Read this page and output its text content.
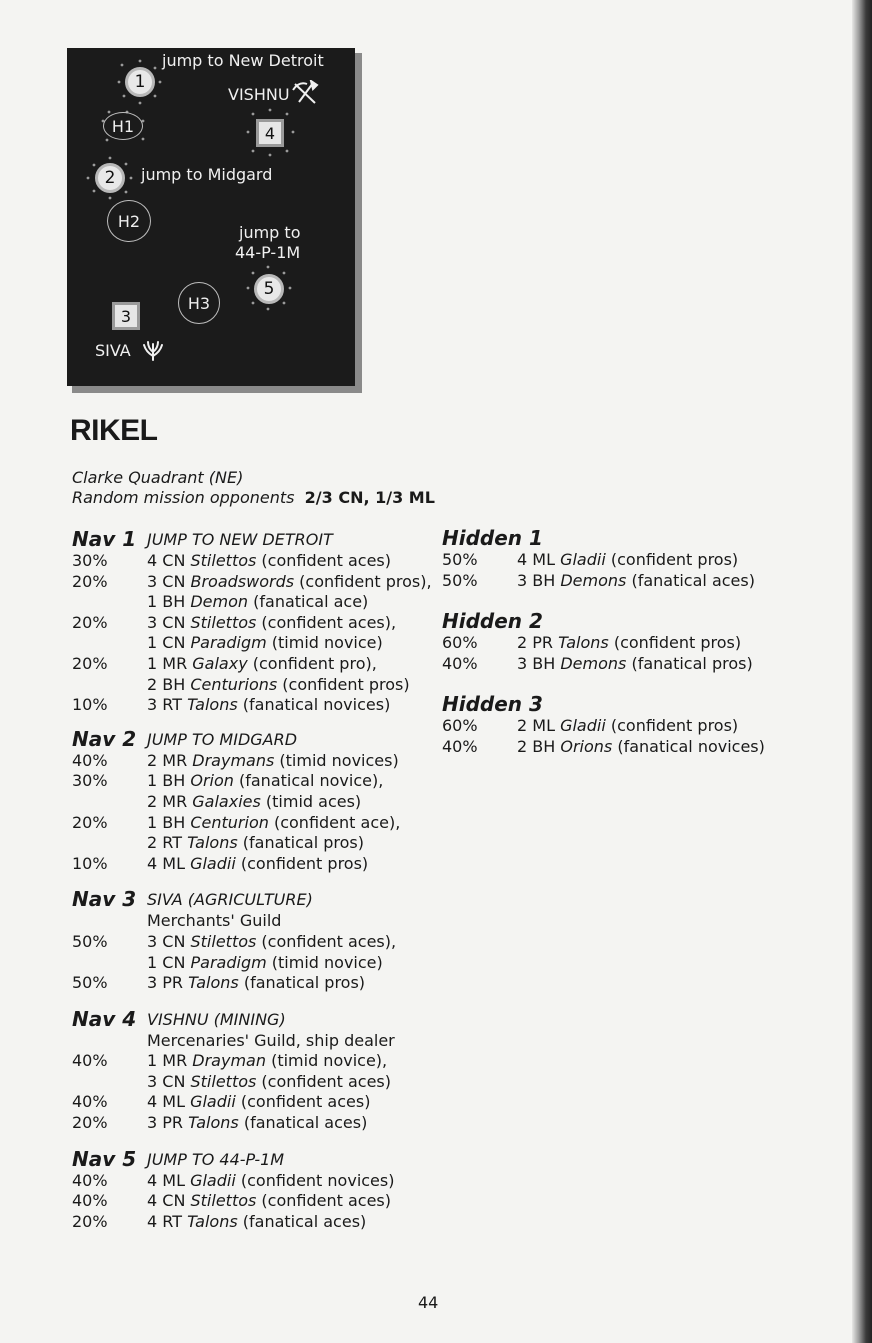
jump to New Detroit
1
VISHNU
H1	4
2 jump to Midgard
H2
jump to
44-P-1M
5
H3
3
SIVA
RIKEL
Clarke Quadrant (NE)
Random mission opponents 2/3 CN, 1/3 ML
Nav 1 JUMP TO NEW DETROIT
30%	4 CN Stilettos (confident aces)
20%	3 CN Broadswords (confident pros),
1 BH Demon (fanatical ace)
20%	3 CN Stilettos (confident aces),
1 CN Paradigm (timid novice)
20%	1 MR Galaxy (confident pro),
2 BH Centurions (confident pros)
10%	3 RT Talons (fanatical novices)
Nav 2 JUMP TO MIDGARD
40%	2 MR Draymans (timid novices)
30%	1 BH Orion (fanatical novice),
2 MR Galaxies (timid aces)
20%	1 BH Centurion (confident ace),
2 RT Talons (fanatical pros)
10%	4 ML Gladii (confident pros)
Nav 3 SIVA (AGRICULTURE)
Merchants' Guild
50%	3 CN Stilettos (confident aces),
1 CN Paradigm (timid novice)
50%	3 PR Talons (fanatical pros)
Nav 4 VISHNU (MINING)
Mercenaries' Guild, ship dealer
40%	1 MR Drayman (timid novice),
3 CN Stilettos (confident aces)
40%	4 ML Gladii (confident aces)
20%	3 PR Talons (fanatical aces)
Nav 5 JUMP TO 44-P-1M
40%	4 ML Gladii (confident novices)
40%	4 CN Stilettos (confident aces)
20%	4 RT Talons (fanatical aces)
Hidden 1
50%	4 ML Gladii (confident pros)
50%	3 BH Demons (fanatical aces)
Hidden 2
60%	2 PR Talons (confident pros)
40%	3 BH Demons (fanatical pros)
Hidden 3
60%	2 ML Gladii (confident pros)
40%	2 BH Orions (fanatical novices)
44
